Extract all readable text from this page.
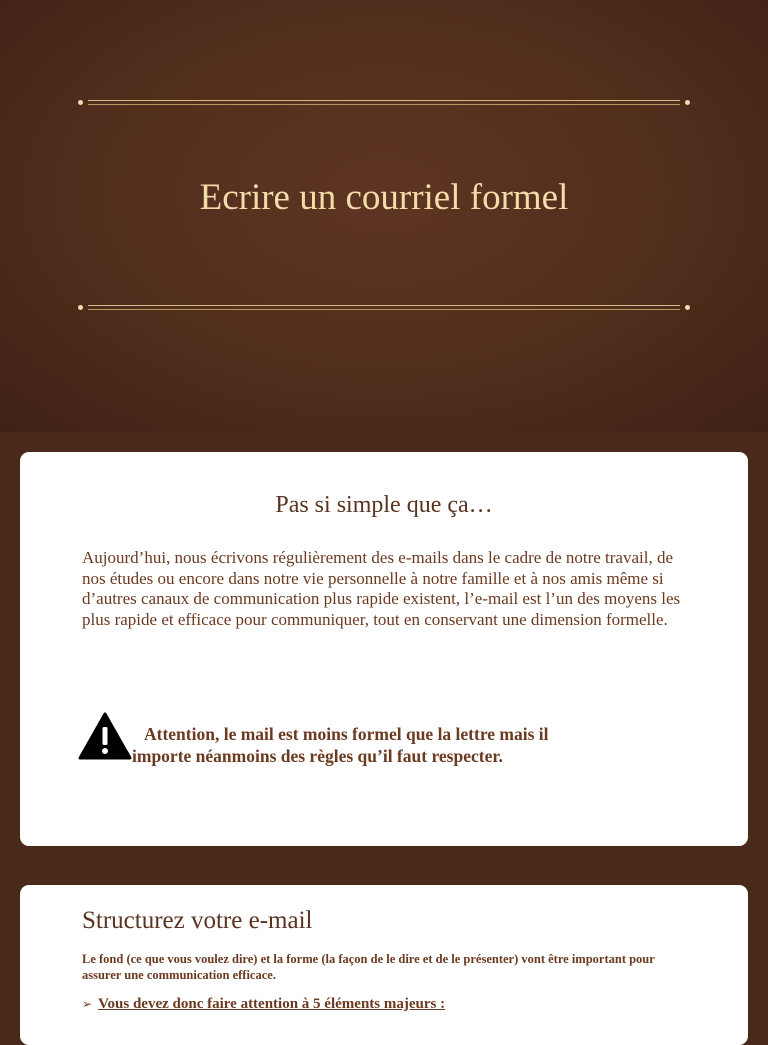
Ecrire un courriel formel
Pas si simple que ça…
Aujourd’hui, nous écrivons régulièrement des e-mails dans le cadre de notre travail, de nos études ou encore dans notre vie personnelle à notre famille et à nos amis même si d’autres canaux de communication plus rapide existent, l’e-mail est l’un des moyens les plus rapide et efficace pour communiquer, tout en conservant une dimension formelle.
Attention, le mail est moins formel que la lettre mais il
importe néanmoins des règles qu’il faut respecter.
Structurez votre e-mail
Le fond (ce que vous voulez dire) et la forme (la façon de le dire et de le présenter) vont être important pour assurer une communication efficace.
➢ Vous devez donc faire attention à 5 éléments majeurs :
